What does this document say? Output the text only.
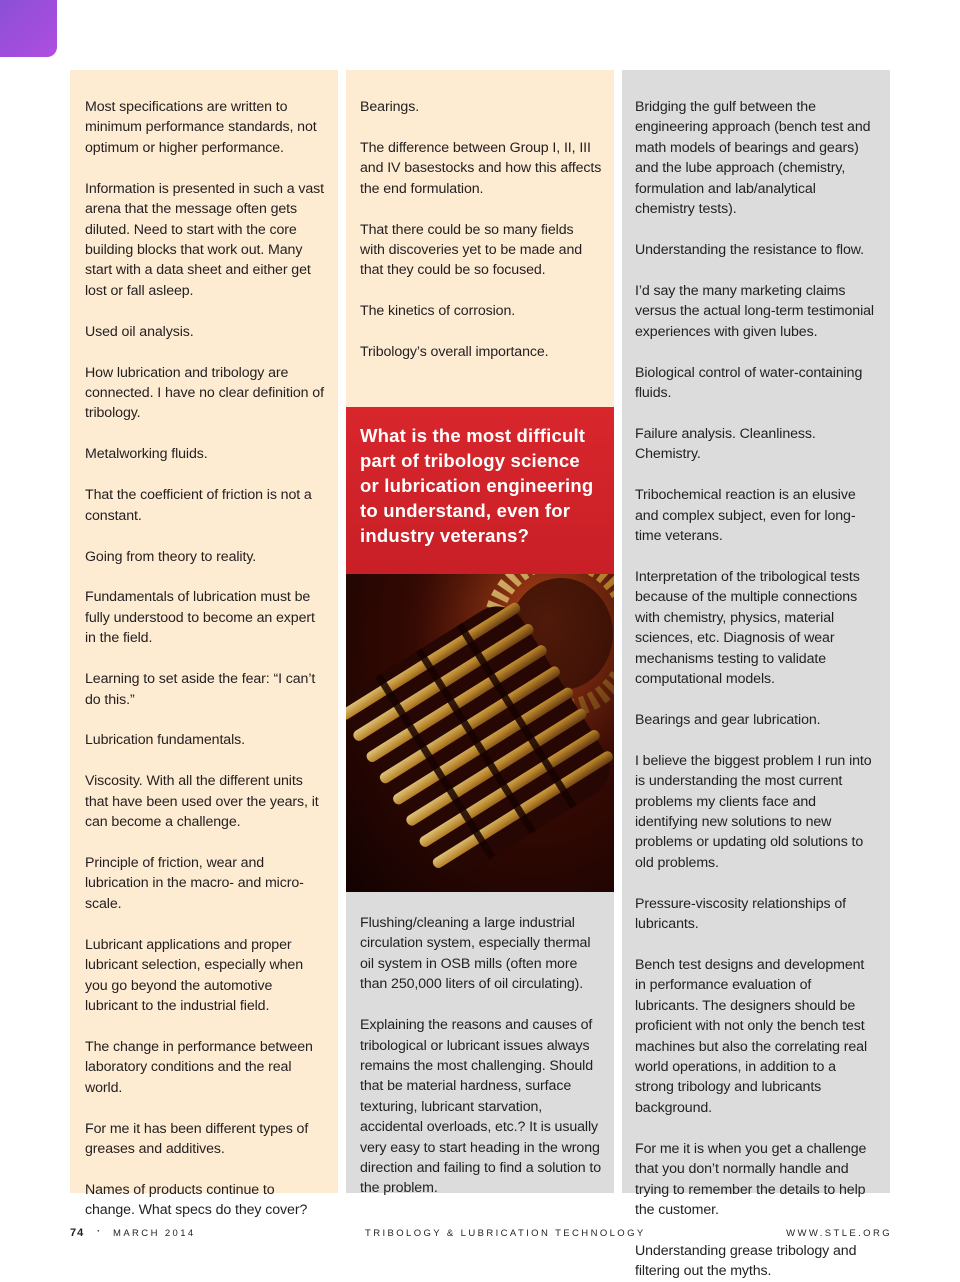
Most specifications are written to minimum performance standards, not optimum or higher performance.

Information is presented in such a vast arena that the message often gets diluted. Need to start with the core building blocks that work out. Many start with a data sheet and either get lost or fall asleep.

Used oil analysis.

How lubrication and tribology are connected. I have no clear definition of tribology.

Metalworking fluids.

That the coefficient of friction is not a constant.

Going from theory to reality.

Fundamentals of lubrication must be fully understood to become an expert in the field.

Learning to set aside the fear: “I can’t do this.”

Lubrication fundamentals.

Viscosity. With all the different units that have been used over the years, it can become a challenge.

Principle of friction, wear and lubrication in the macro- and micro-scale.

Lubricant applications and proper lubricant selection, especially when you go beyond the automotive lubricant to the industrial field.

The change in performance between laboratory conditions and the real world.

For me it has been different types of greases and additives.

Names of products continue to change. What specs do they cover?

Bearings.

The difference between Group I, II, III and IV basestocks and how this affects the end formulation.

That there could be so many fields with discoveries yet to be made and that they could be so focused.

The kinetics of corrosion.

Tribology’s overall importance.

What is the most difficult part of tribology science or lubrication engineering to understand, even for industry veterans?

Flushing/cleaning a large industrial circulation system, especially thermal oil system in OSB mills (often more than 250,000 liters of oil circulating).

Explaining the reasons and causes of tribological or lubricant issues always remains the most challenging. Should that be material hardness, surface texturing, lubricant starvation, accidental overloads, etc.? It is usually very easy to start heading in the wrong direction and failing to find a solution to the problem.

Bridging the gulf between the engineering approach (bench test and math models of bearings and gears) and the lube approach (chemistry, formulation and lab/analytical chemistry tests).

Understanding the resistance to flow.

I’d say the many marketing claims versus the actual long-term testimonial experiences with given lubes.

Biological control of water-containing fluids.

Failure analysis. Cleanliness. Chemistry.

Tribochemical reaction is an elusive and complex subject, even for long-time veterans.

Interpretation of the tribological tests because of the multiple connections with chemistry, physics, material sciences, etc. Diagnosis of wear mechanisms testing to validate computational models.

Bearings and gear lubrication.

I believe the biggest problem I run into is understanding the most current problems my clients face and identifying new solutions to new problems or updating old solutions to old problems.

Pressure-viscosity relationships of lubricants.

Bench test designs and development in performance evaluation of lubricants. The designers should be proficient with not only the bench test machines but also the correlating real world operations, in addition to a strong tribology and lubricants background.

For me it is when you get a challenge that you don’t normally handle and trying to remember the details to help the customer.

Understanding grease tribology and filtering out the myths.

74 · MARCH 2014	TRIBOLOGY & LUBRICATION TECHNOLOGY	WWW.STLE.ORG
